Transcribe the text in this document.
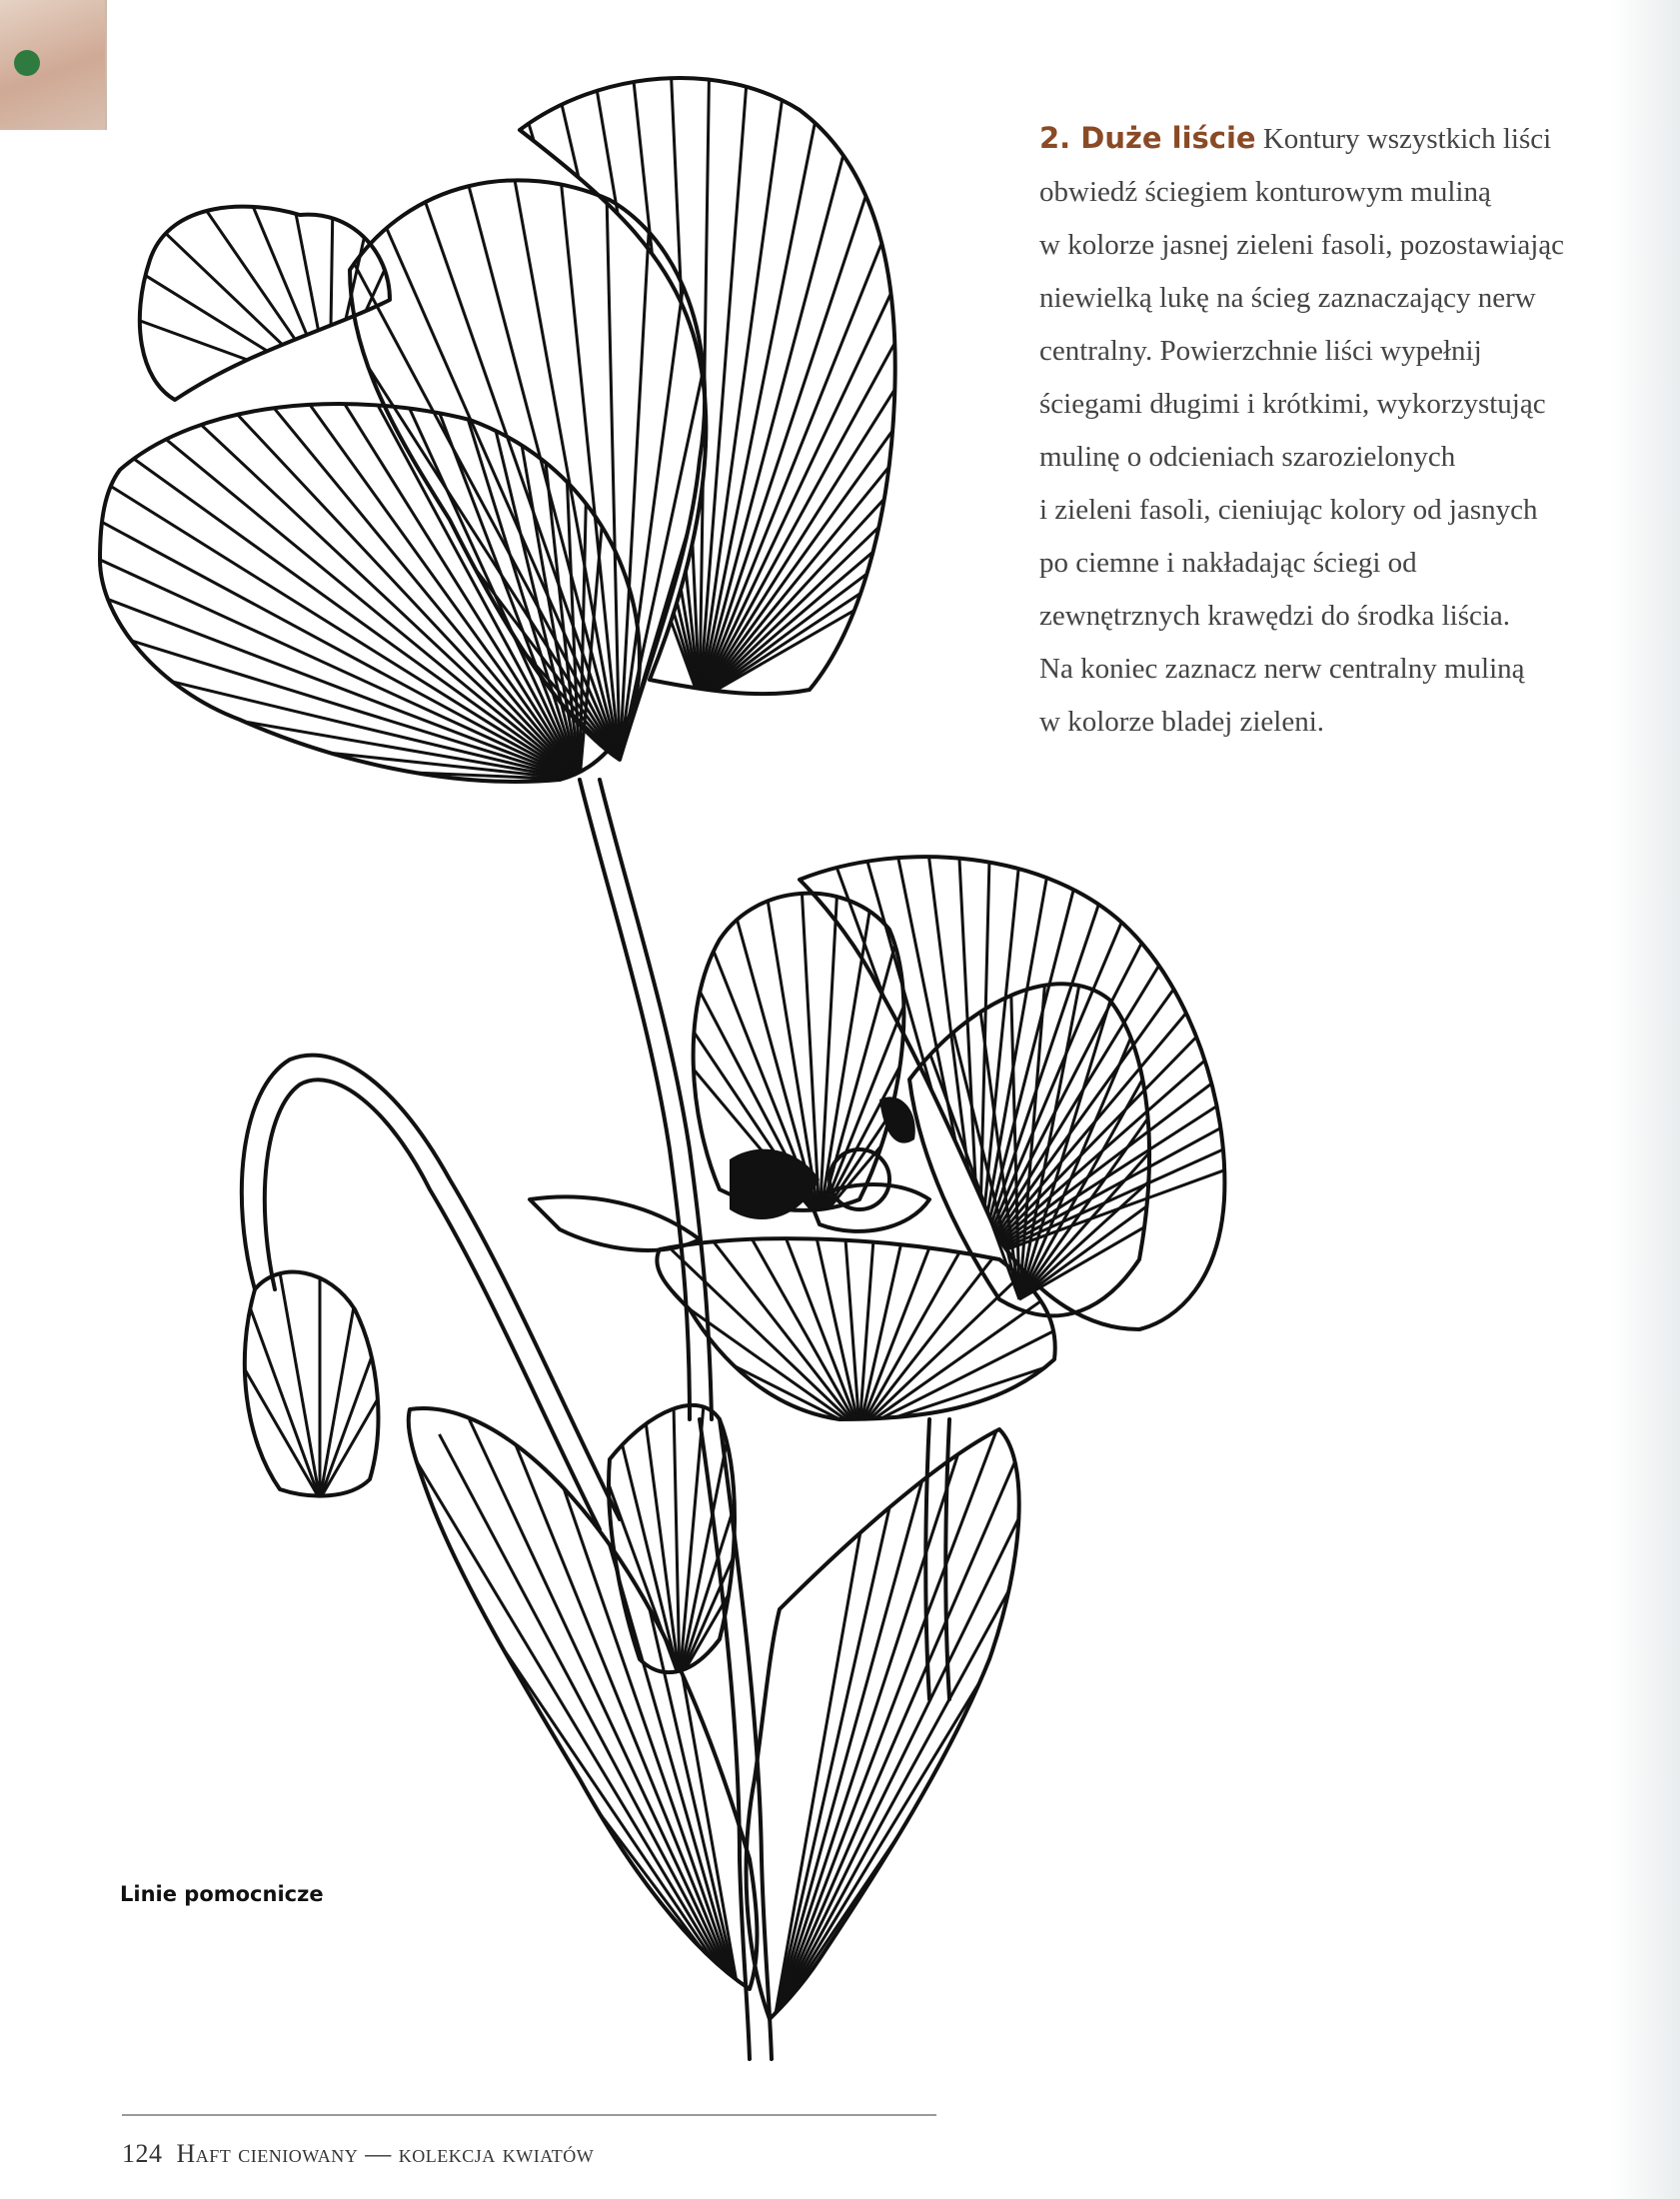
2. Duże liście Kontury wszystkich liści
obwiedź ściegiem konturowym muliną
w kolorze jasnej zieleni fasoli, pozostawiając
niewielką lukę na ścieg zaznaczający nerw
centralny. Powierzchnie liści wypełnij
ściegami długimi i krótkimi, wykorzystując
mulinę o odcieniach szarozielonych
i zieleni fasoli, cieniując kolory od jasnych
po ciemne i nakładając ściegi od
zewnętrznych krawędzi do środka liścia.
Na koniec zaznacz nerw centralny muliną
w kolorze bladej zieleni.
Linie pomocnicze
124 Haft cieniowany — kolekcja kwiatów
